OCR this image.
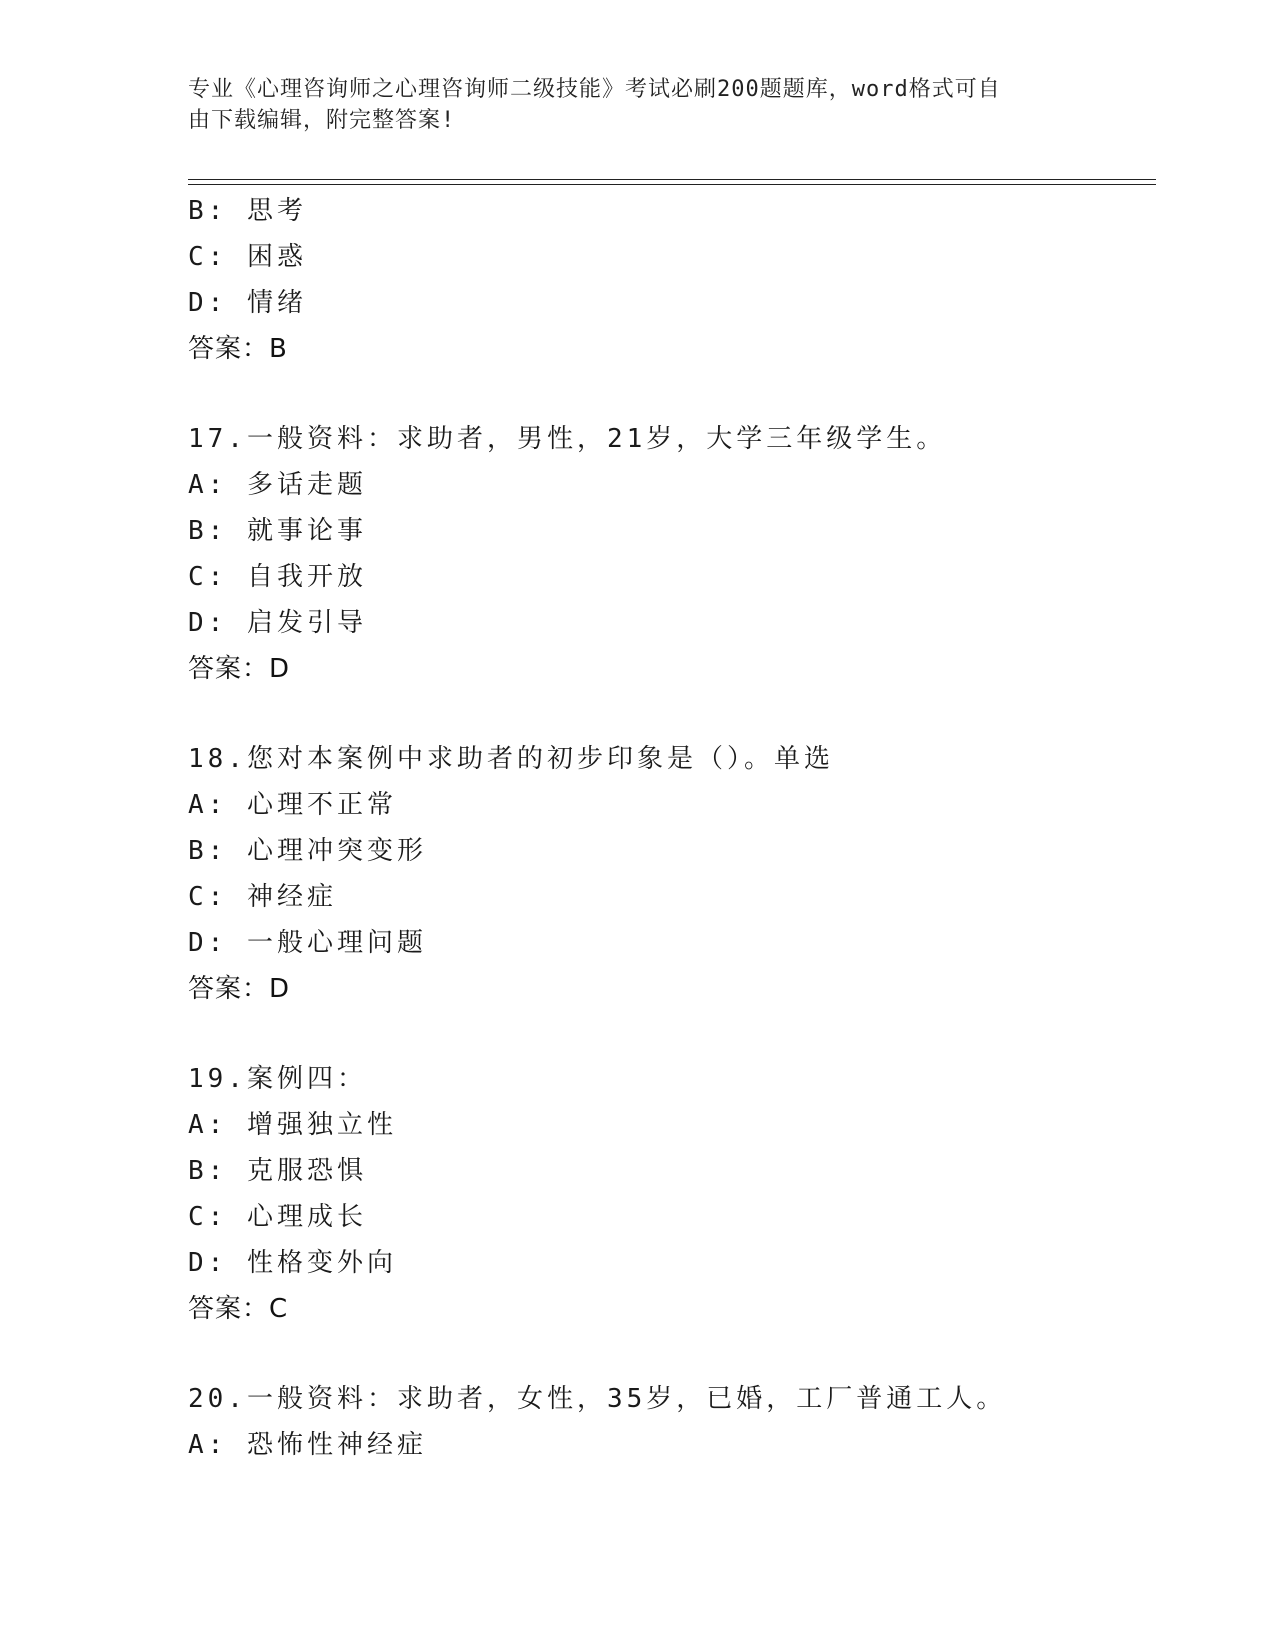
专业《心理咨询师之心理咨询师二级技能》考试必刷200题题库，word格式可自
由下载编辑，附完整答案!
B: 思考
C: 困惑
D: 情绪
答案：B
17.一般资料：求助者，男性，21岁，大学三年级学生。
A: 多话走题
B: 就事论事
C: 自我开放
D: 启发引导
答案：D
18.您对本案例中求助者的初步印象是（）。单选
A: 心理不正常
B: 心理冲突变形
C: 神经症
D: 一般心理问题
答案：D
19.案例四：
A: 增强独立性
B: 克服恐惧
C: 心理成长
D: 性格变外向
答案：C
20.一般资料：求助者，女性，35岁，已婚，工厂普通工人。
A: 恐怖性神经症
